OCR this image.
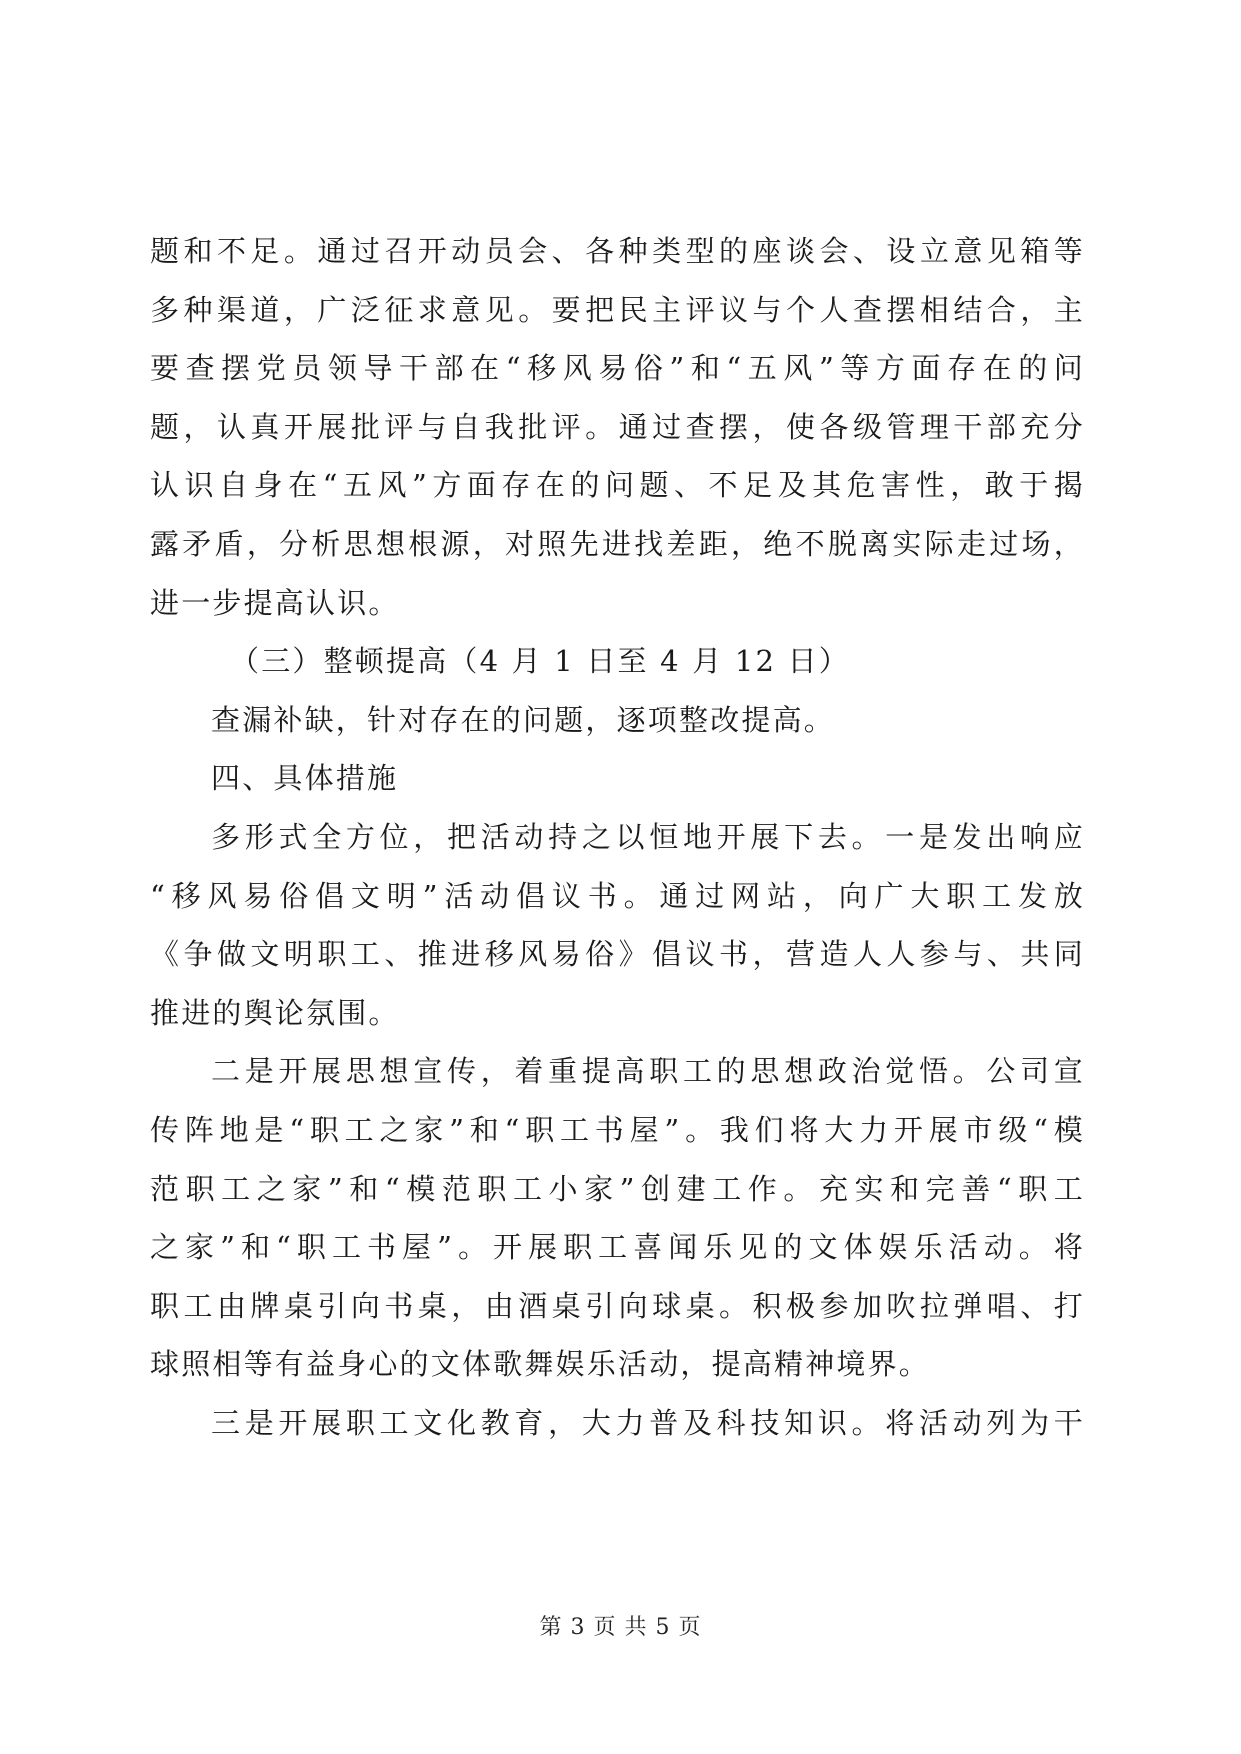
题和不足。通过召开动员会、各种类型的座谈会、设立意见箱等
多种渠道，广泛征求意见。要把民主评议与个人查摆相结合，主
要查摆党员领导干部在“移风易俗”和“五风”等方面存在的问
题，认真开展批评与自我批评。通过查摆，使各级管理干部充分
认识自身在“五风”方面存在的问题、不足及其危害性，敢于揭
露矛盾，分析思想根源，对照先进找差距，绝不脱离实际走过场，
进一步提高认识。
（三）整顿提高（4 月 1 日至 4 月 12 日）
查漏补缺，针对存在的问题，逐项整改提高。
四、具体措施
多形式全方位，把活动持之以恒地开展下去。一是发出响应
“移风易俗倡文明”活动倡议书。通过网站，向广大职工发放
《争做文明职工、推进移风易俗》倡议书，营造人人参与、共同
推进的舆论氛围。
二是开展思想宣传，着重提高职工的思想政治觉悟。公司宣
传阵地是“职工之家”和“职工书屋”。我们将大力开展市级“模
范职工之家”和“模范职工小家”创建工作。充实和完善“职工
之家”和“职工书屋”。开展职工喜闻乐见的文体娱乐活动。将
职工由牌桌引向书桌，由酒桌引向球桌。积极参加吹拉弹唱、打
球照相等有益身心的文体歌舞娱乐活动，提高精神境界。
三是开展职工文化教育，大力普及科技知识。将活动列为干
第 3 页 共 5 页
